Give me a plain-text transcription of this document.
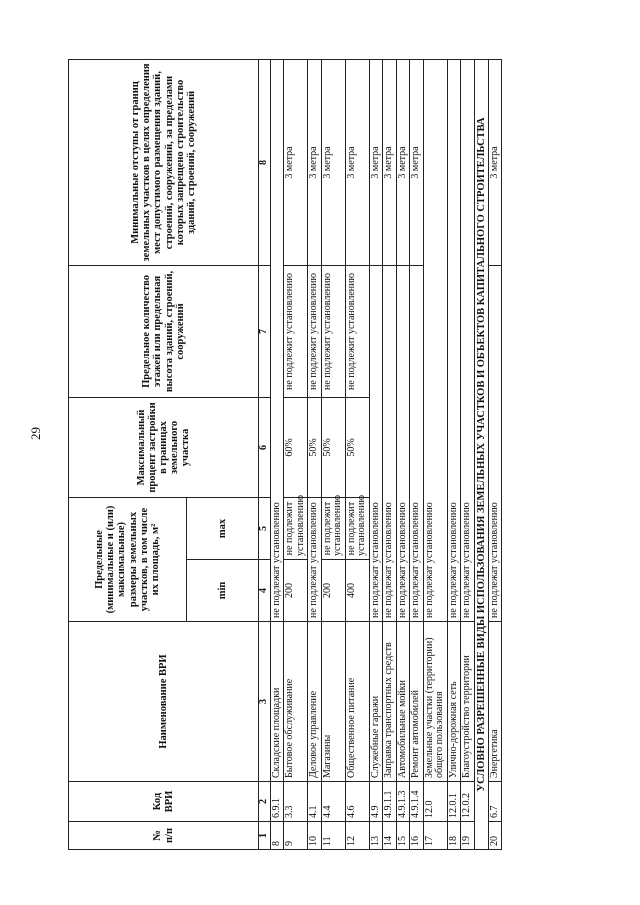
29
№ п/п	Код ВРИ	Наименование ВРИ	Предельные (минимальные и (или) максимальные) размеры земельных участков, в том числе их площадь, м²		Максимальный процент застройки в границах земельного участка	Предельное количество этажей или предельная высота зданий, строений, сооружений	Минимальные отступы от границ земельных участков в целях определения мест допустимого размещения зданий, строений, сооружений, за пределами которых запрещено строительство зданий, строений, сооружений
			min	max			
1	2	3	4	5	6	7	8
8	6.9.1	Складские площадки	не подлежат установлению				
9	3.3	Бытовое обслуживание	200	не подлежит установлению	60%	не подлежит установлению	3 метра
10	4.1	Деловое управление	не подлежат установлению		50%	не подлежит установлению	3 метра
11	4.4	Магазины	200	не подлежит установлению	50%	не подлежит установлению	3 метра
12	4.6	Общественное питание	400	не подлежит установлению	50%	не подлежит установлению	3 метра
13	4.9	Служебные гаражи	не подлежат установлению				3 метра
14	4.9.1.1	Заправка транспортных средств	не подлежат установлению				3 метра
15	4.9.1.3	Автомобильные мойки	не подлежат установлению				3 метра
16	4.9.1.4	Ремонт автомобилей	не подлежат установлению				3 метра
17	12.0	Земельные участки (территории) общего пользования	не подлежат установлению				
18	12.0.1	Улично-дорожная сеть	не подлежат установлению				
19	12.0.2	Благоустройство территории	не подлежат установлению				
УСЛОВНО РАЗРЕШЕННЫЕ ВИДЫ ИСПОЛЬЗОВАНИЯ ЗЕМЕЛЬНЫХ УЧАСТКОВ И ОБЪЕКТОВ КАПИТАЛЬНОГО СТРОИТЕЛЬСТВА							
20	6.7	Энергетика	не подлежат установлению				3 метра
